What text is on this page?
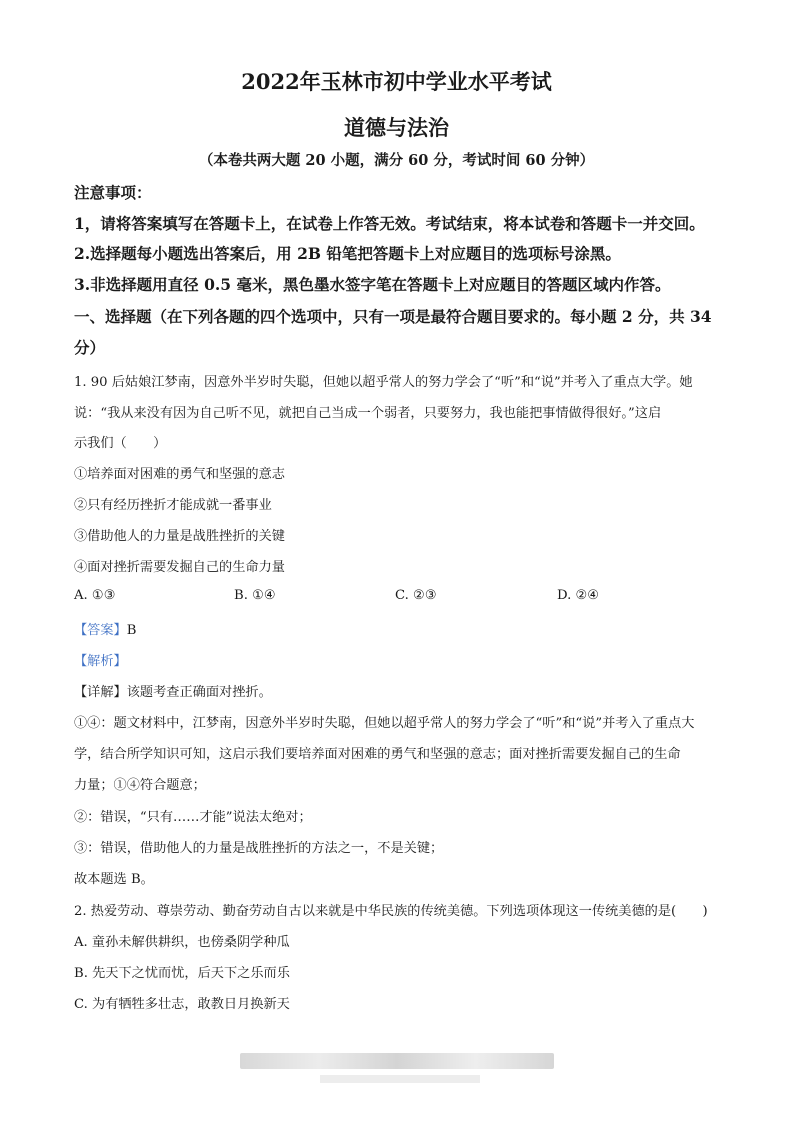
2022年玉林市初中学业水平考试
道德与法治
（本卷共两大题 20 小题，满分 60 分，考试时间 60 分钟）
注意事项：
1，请将答案填写在答题卡上，在试卷上作答无效。考试结束，将本试卷和答题卡一并交回。
2.选择题每小题选出答案后，用 2B 铅笔把答题卡上对应题目的选项标号涂黑。
3.非选择题用直径 0.5 毫米，黑色墨水签字笔在答题卡上对应题目的答题区域内作答。
一、选择题（在下列各题的四个选项中，只有一项是最符合题目要求的。每小题 2 分，共 34
分）
1. 90 后姑娘江梦南，因意外半岁时失聪，但她以超乎常人的努力学会了“听”和“说”并考入了重点大学。她
说：“我从来没有因为自己听不见，就把自己当成一个弱者，只要努力，我也能把事情做得很好。”这启
示我们（　　）
①培养面对困难的勇气和坚强的意志
②只有经历挫折才能成就一番事业
③借助他人的力量是战胜挫折的关键
④面对挫折需要发掘自己的生命力量
A. ①③	B. ①④	C. ②③	D. ②④
【答案】B
【解析】
【详解】该题考查正确面对挫折。
①④：题文材料中，江梦南，因意外半岁时失聪，但她以超乎常人的努力学会了“听”和“说”并考入了重点大
学，结合所学知识可知，这启示我们要培养面对困难的勇气和坚强的意志；面对挫折需要发掘自己的生命
力量；①④符合题意；
②：错误，“只有……才能”说法太绝对；
③：错误，借助他人的力量是战胜挫折的方法之一，不是关键；
故本题选 B。
2. 热爱劳动、尊崇劳动、勤奋劳动自古以来就是中华民族的传统美德。下列选项体现这一传统美德的是(　　)
A. 童孙未解供耕织，也傍桑阴学种瓜
B. 先天下之忧而忧，后天下之乐而乐
C. 为有牺牲多壮志，敢教日月换新天
